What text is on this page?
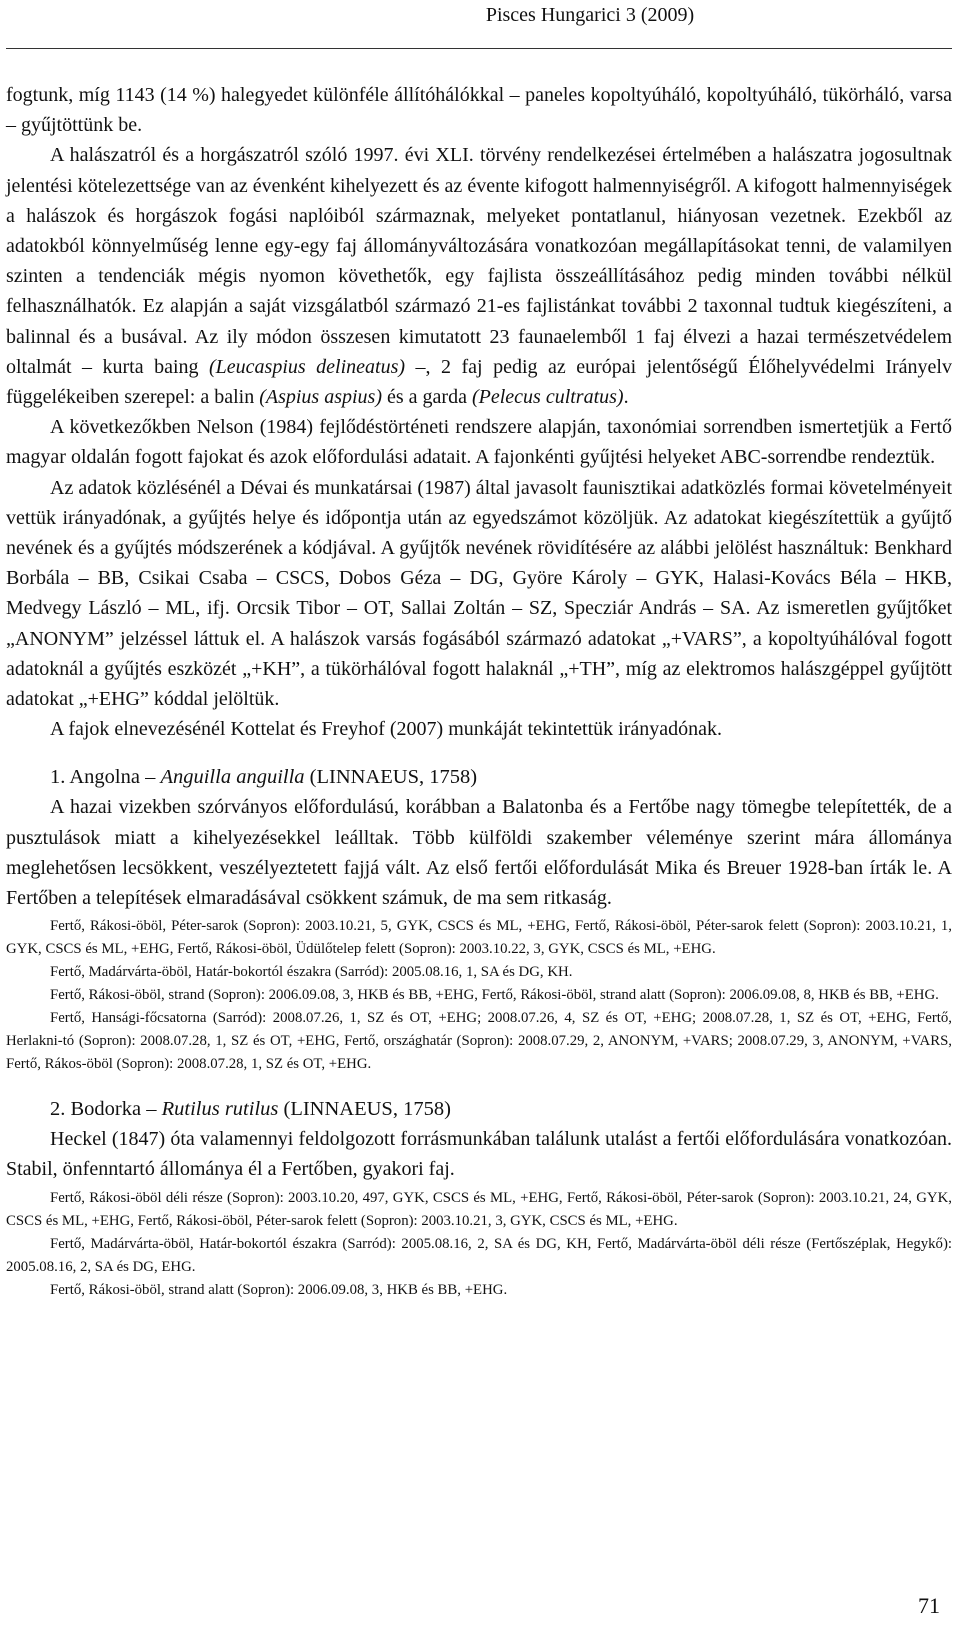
Pisces Hungarici 3 (2009)

fogtunk, míg 1143 (14 %) halegyedet különféle állítóhálókkal – paneles kopoltyúháló, kopoltyúháló, tükörháló, varsa – gyűjtöttünk be.

A halászatról és a horgászatról szóló 1997. évi XLI. törvény rendelkezései értelmében a halászatra jogosultnak jelentési kötelezettsége van az évenként kihelyezett és az évente kifogott halmennyiségről. A kifogott halmennyiségek a halászok és horgászok fogási naplóiból származnak, melyeket pontatlanul, hiányosan vezetnek. Ezekből az adatokból könnyelműség lenne egy-egy faj állományváltozására vonatkozóan megállapításokat tenni, de valamilyen szinten a tendenciák mégis nyomon követhetők, egy fajlista összeállításához pedig minden további nélkül felhasználhatók. Ez alapján a saját vizsgálatból származó 21-es fajlistánkat további 2 taxonnal tudtuk kiegészíteni, a balinnal és a busával. Az ily módon összesen kimutatott 23 faunaelemből 1 faj élvezi a hazai természetvédelem oltalmát – kurta baing (Leucaspius delineatus) –, 2 faj pedig az európai jelentőségű Élőhelyvédelmi Irányelv függelékeiben szerepel: a balin (Aspius aspius) és a garda (Pelecus cultratus).

A következőkben Nelson (1984) fejlődéstörténeti rendszere alapján, taxonómiai sorrendben ismertetjük a Fertő magyar oldalán fogott fajokat és azok előfordulási adatait. A fajonkénti gyűjtési helyeket ABC-sorrendbe rendeztük.

Az adatok közlésénél a Dévai és munkatársai (1987) által javasolt faunisztikai adatközlés formai követelményeit vettük irányadónak, a gyűjtés helye és időpontja után az egyedszámot közöljük. Az adatokat kiegészítettük a gyűjtő nevének és a gyűjtés módszerének a kódjával. A gyűjtők nevének rövidítésére az alábbi jelölést használtuk: Benkhard Borbála – BB, Csikai Csaba – CSCS, Dobos Géza – DG, Györe Károly – GYK, Halasi-Kovács Béla – HKB, Medvegy László – ML, ifj. Orcsik Tibor – OT, Sallai Zoltán – SZ, Specziár András – SA. Az ismeretlen gyűjtőket „ANONYM” jelzéssel láttuk el. A halászok varsás fogásából származó adatokat „+VARS”, a kopoltyúhálóval fogott adatoknál a gyűjtés eszközét „+KH”, a tükörhálóval fogott halaknál „+TH”, míg az elektromos halászgéppel gyűjtött adatokat „+EHG” kóddal jelöltük.

A fajok elnevezésénél Kottelat és Freyhof (2007) munkáját tekintettük irányadónak.

1. Angolna – Anguilla anguilla (LINNAEUS, 1758)

A hazai vizekben szórványos előfordulású, korábban a Balatonba és a Fertőbe nagy tömegbe telepítették, de a pusztulások miatt a kihelyezésekkel leálltak. Több külföldi szakember véleménye szerint mára állománya meglehetősen lecsökkent, veszélyeztetett fajjá vált. Az első fertői előfordulását Mika és Breuer 1928-ban írták le. A Fertőben a telepítések elmaradásával csökkent számuk, de ma sem ritkaság.

Fertő, Rákosi-öböl, Péter-sarok (Sopron): 2003.10.21, 5, GYK, CSCS és ML, +EHG, Fertő, Rákosi-öböl, Péter-sarok felett (Sopron): 2003.10.21, 1, GYK, CSCS és ML, +EHG, Fertő, Rákosi-öböl, Üdülőtelep felett (Sopron): 2003.10.22, 3, GYK, CSCS és ML, +EHG.

Fertő, Madárvárta-öböl, Határ-bokortól északra (Sarród): 2005.08.16, 1, SA és DG, KH.

Fertő, Rákosi-öböl, strand (Sopron): 2006.09.08, 3, HKB és BB, +EHG, Fertő, Rákosi-öböl, strand alatt (Sopron): 2006.09.08, 8, HKB és BB, +EHG.

Fertő, Hansági-főcsatorna (Sarród): 2008.07.26, 1, SZ és OT, +EHG; 2008.07.26, 4, SZ és OT, +EHG; 2008.07.28, 1, SZ és OT, +EHG, Fertő, Herlakni-tó (Sopron): 2008.07.28, 1, SZ és OT, +EHG, Fertő, országhatár (Sopron): 2008.07.29, 2, ANONYM, +VARS; 2008.07.29, 3, ANONYM, +VARS, Fertő, Rákos-öböl (Sopron): 2008.07.28, 1, SZ és OT, +EHG.

2. Bodorka – Rutilus rutilus (LINNAEUS, 1758)

Heckel (1847) óta valamennyi feldolgozott forrásmunkában találunk utalást a fertői előfordulására vonatkozóan. Stabil, önfenntartó állománya él a Fertőben, gyakori faj.

Fertő, Rákosi-öböl déli része (Sopron): 2003.10.20, 497, GYK, CSCS és ML, +EHG, Fertő, Rákosi-öböl, Péter-sarok (Sopron): 2003.10.21, 24, GYK, CSCS és ML, +EHG, Fertő, Rákosi-öböl, Péter-sarok felett (Sopron): 2003.10.21, 3, GYK, CSCS és ML, +EHG.

Fertő, Madárvárta-öböl, Határ-bokortól északra (Sarród): 2005.08.16, 2, SA és DG, KH, Fertő, Madárvárta-öböl déli része (Fertőszéplak, Hegykő): 2005.08.16, 2, SA és DG, EHG.

Fertő, Rákosi-öböl, strand alatt (Sopron): 2006.09.08, 3, HKB és BB, +EHG.

71
